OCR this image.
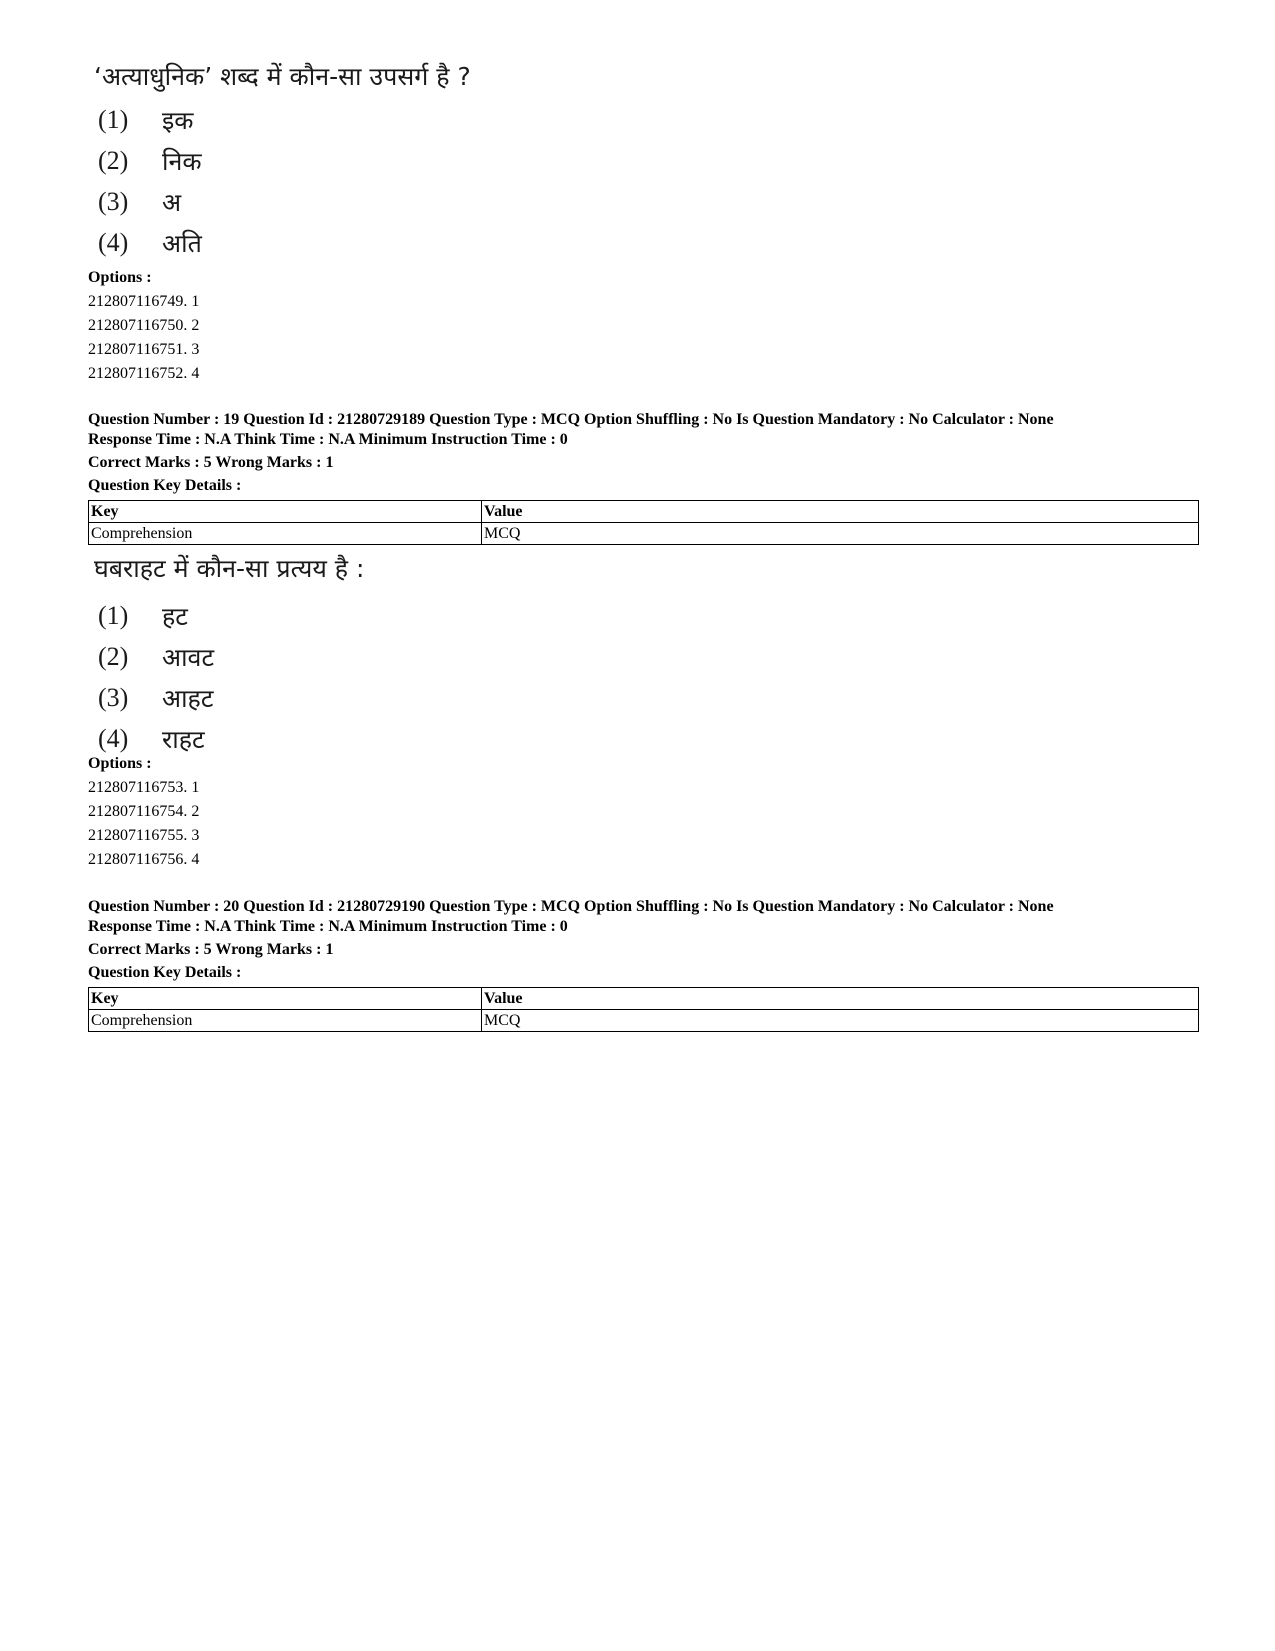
‘अत्याधुनिक’ शब्द में कौन-सा उपसर्ग है ?
(1)	इक
(2)	निक
(3)	अ
(4)	अति
Options :
212807116749. 1
212807116750. 2
212807116751. 3
212807116752. 4
Question Number : 19 Question Id : 21280729189 Question Type : MCQ Option Shuffling : No Is Question Mandatory : No Calculator : None
Response Time : N.A Think Time : N.A Minimum Instruction Time : 0
Correct Marks : 5 Wrong Marks : 1
Question Key Details :
Key	Value
Comprehension	MCQ
घबराहट में कौन-सा प्रत्यय है :
(1)	हट
(2)	आवट
(3)	आहट
(4)	राहट
Options :
212807116753. 1
212807116754. 2
212807116755. 3
212807116756. 4
Question Number : 20 Question Id : 21280729190 Question Type : MCQ Option Shuffling : No Is Question Mandatory : No Calculator : None
Response Time : N.A Think Time : N.A Minimum Instruction Time : 0
Correct Marks : 5 Wrong Marks : 1
Question Key Details :
Key	Value
Comprehension	MCQ
